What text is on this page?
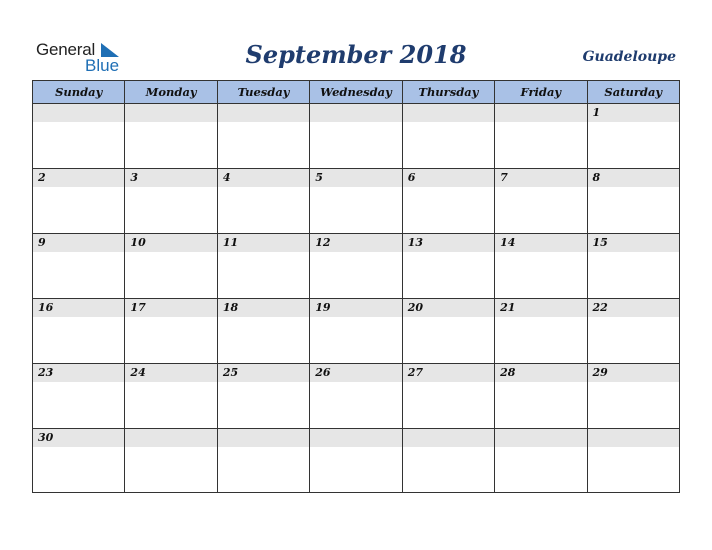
General
Blue	September 2018	Guadeloupe
Sunday	Monday	Tuesday	Wednesday	Thursday	Friday	Saturday

						1

2	3	4	5	6	7	8

9	10	11	12	13	14	15

16	17	18	19	20	21	22

23	24	25	26	27	28	29

30						
